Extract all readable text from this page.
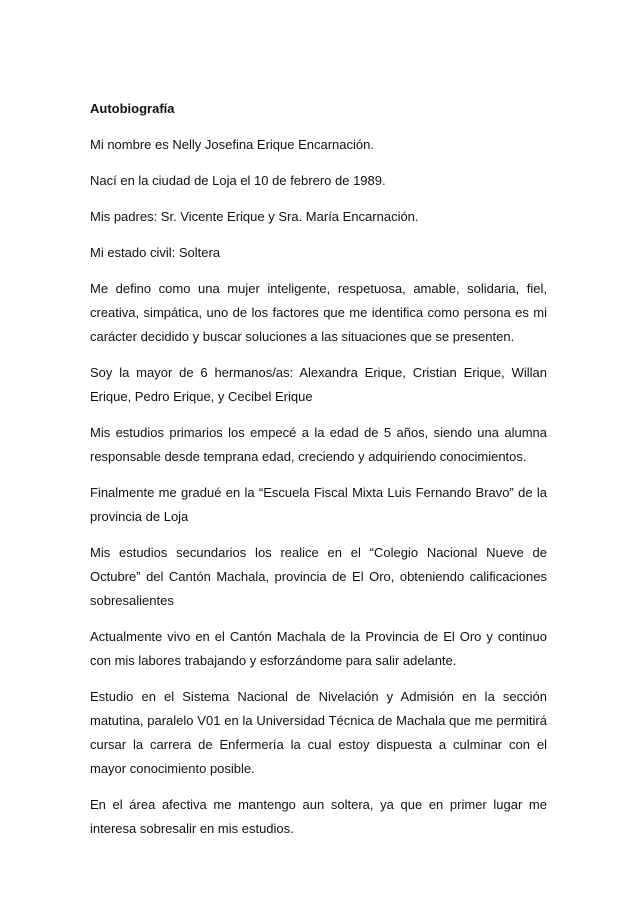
Autobiografía

Mi nombre es Nelly Josefina Erique Encarnación.

Nací en la ciudad de Loja el 10 de febrero de 1989.

Mis padres: Sr. Vicente Erique y Sra. María Encarnación.

Mi estado civil: Soltera

Me defino como una mujer inteligente, respetuosa, amable, solidaria, fiel, creativa, simpática, uno de los factores que me identifica como persona es mi carácter decidido y buscar soluciones a las situaciones que se presenten.

Soy la mayor de 6 hermanos/as: Alexandra Erique, Cristian Erique, Willan Erique, Pedro Erique, y Cecibel Erique

Mis estudios primarios los empecé a la edad de 5 años, siendo una alumna responsable desde temprana edad, creciendo y adquiriendo conocimientos.

Finalmente me gradué en la “Escuela Fiscal Mixta Luis Fernando Bravo” de la provincia de Loja

Mis estudios secundarios los realice en el “Colegio Nacional Nueve de Octubre” del Cantón Machala, provincia de El Oro, obteniendo calificaciones sobresalientes

Actualmente vivo en el Cantón Machala de la Provincia de El Oro y continuo con mis labores trabajando y esforzándome para salir adelante.

Estudio en el Sistema Nacional de Nivelación y Admisión en la sección matutina, paralelo V01 en la Universidad Técnica de Machala que me permitirá cursar la carrera de Enfermería la cual estoy dispuesta a culminar con el mayor conocimiento posible.

En el área afectiva me mantengo aun soltera, ya que en primer lugar me interesa sobresalir en mis estudios.
